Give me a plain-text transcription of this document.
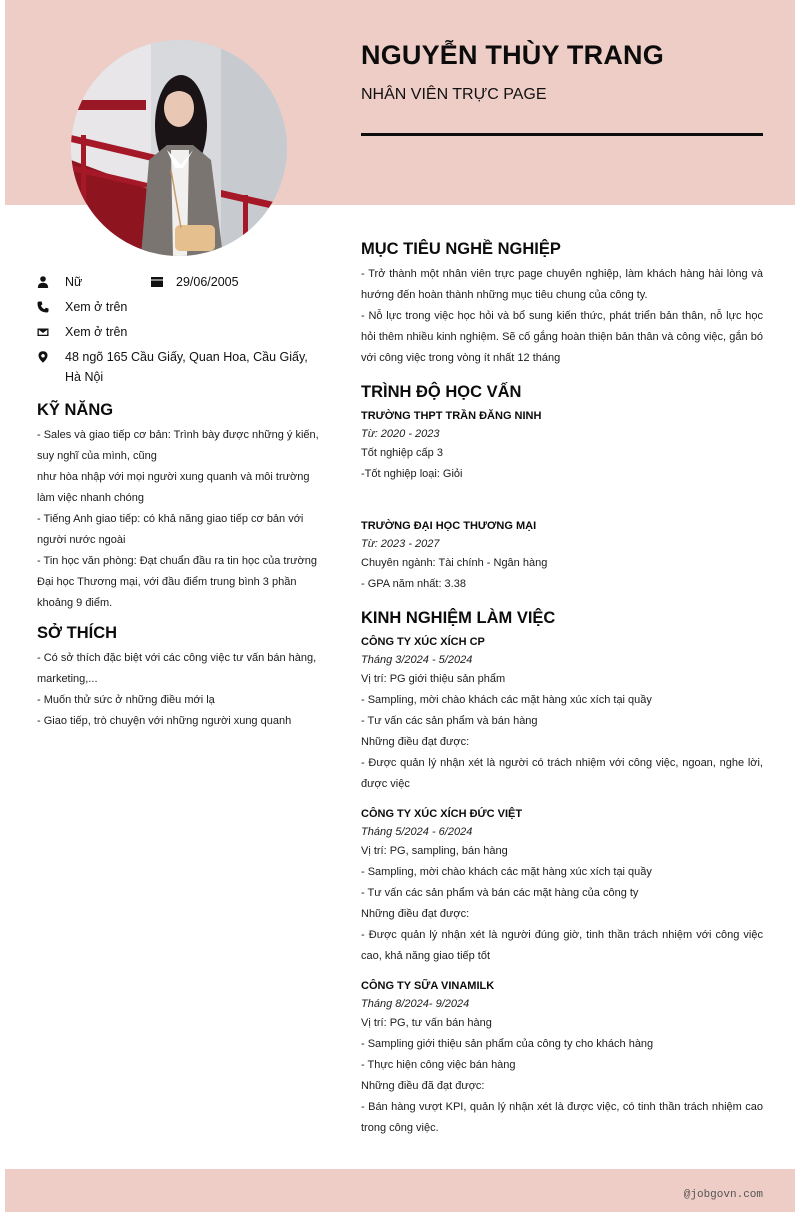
NGUYỄN THÙY TRANG
NHÂN VIÊN TRỰC PAGE
Nữ	29/06/2005
Xem ở trên
Xem ở trên
48 ngõ 165 Cầu Giấy, Quan Hoa, Cầu Giấy, Hà Nội
KỸ NĂNG

- Sales và giao tiếp cơ bản: Trình bày được những ý kiến, suy nghĩ của mình, cũng

như hòa nhập với mọi người xung quanh và môi trường làm việc nhanh chóng

- Tiếng Anh giao tiếp: có khả năng giao tiếp cơ bản với người nước ngoài

- Tin học văn phòng: Đạt chuẩn đầu ra tin học của trường Đại học Thương mại, với đầu điểm trung bình 3 phần khoảng 9 điểm.

SỞ THÍCH

- Có sở thích đặc biệt với các công việc tư vấn bán hàng, marketing,...

- Muốn thử sức ở những điều mới lạ

- Giao tiếp, trò chuyện với những người xung quanh

MỤC TIÊU NGHỀ NGHIỆP

- Trở thành một nhân viên trực page chuyên nghiệp, làm khách hàng hài lòng và hướng đến hoàn thành những mục tiêu chung của công ty.

- Nỗ lực trong việc học hỏi và bổ sung kiến thức, phát triển bản thân, nỗ lực học hỏi thêm nhiều kinh nghiệm. Sẽ cố gắng hoàn thiện bản thân và công việc, gắn bó với công việc trong vòng ít nhất 12 tháng

TRÌNH ĐỘ HỌC VẤN
TRƯỜNG THPT TRẦN ĐĂNG NINH
Từ: 2020 - 2023

Tốt nghiệp cấp 3

-Tốt nghiệp loại: Giỏi

TRƯỜNG ĐẠI HỌC THƯƠNG MẠI
Từ: 2023 - 2027

Chuyên ngành: Tài chính - Ngân hàng

- GPA năm nhất: 3.38

KINH NGHIỆM LÀM VIỆC
CÔNG TY XÚC XÍCH CP
Tháng 3/2024 - 5/2024

Vị trí: PG giới thiệu sản phẩm

- Sampling, mời chào khách các mặt hàng xúc xích tại quầy

- Tư vấn các sản phẩm và bán hàng

Những điều đạt được:

- Được quản lý nhận xét là người có trách nhiệm với công việc, ngoan, nghe lời, được việc

CÔNG TY XÚC XÍCH ĐỨC VIỆT
Tháng 5/2024 - 6/2024

Vị trí: PG, sampling, bán hàng

- Sampling, mời chào khách các mặt hàng xúc xích tại quầy

- Tư vấn các sản phẩm và bán các mặt hàng của công ty

Những điều đạt được:

- Được quản lý nhận xét là người đúng giờ, tinh thần trách nhiệm với công việc cao, khả năng giao tiếp tốt

CÔNG TY SỮA VINAMILK
Tháng 8/2024- 9/2024

Vị trí: PG, tư vấn bán hàng

- Sampling giới thiệu sản phẩm của công ty cho khách hàng

- Thực hiện công việc bán hàng

Những điều đã đạt được:

- Bán hàng vượt KPI, quản lý nhận xét là được việc, có tinh thần trách nhiệm cao trong công việc.

@jobgovn.com
